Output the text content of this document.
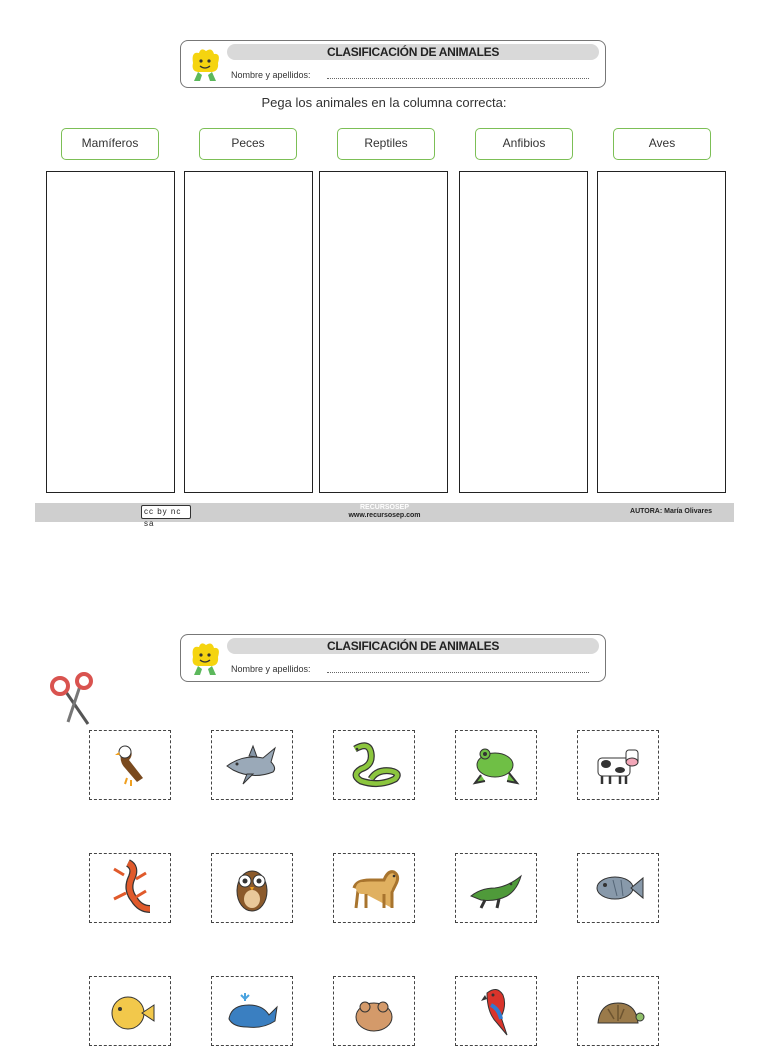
CLASIFICACIÓN DE ANIMALES
Nombre y apellidos:
Pega los animales en la columna correcta:
Mamíferos	Peces	Reptiles	Anfibios	Aves
cc by nc sa
RECURSOSEP
www.recursosep.com
AUTORA: María Olivares
CLASIFICACIÓN DE ANIMALES
Nombre y apellidos:
